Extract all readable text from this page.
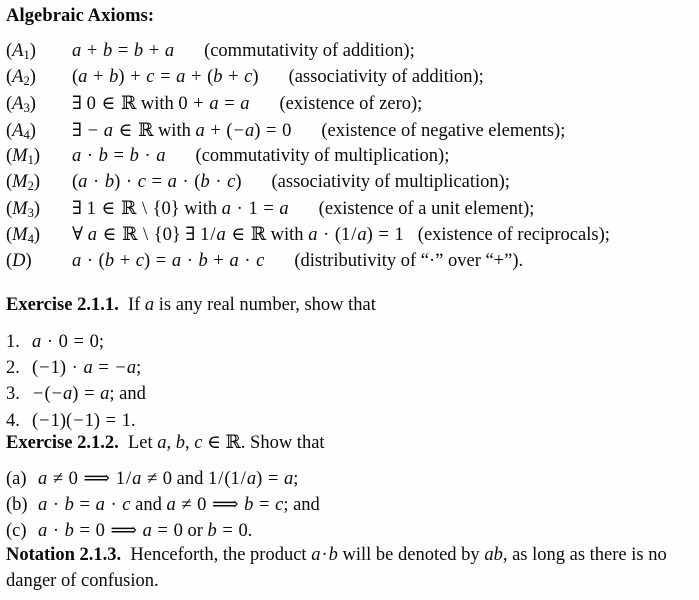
Algebraic Axioms:
$(A_1)$	a + b = b + a	(commutativity of addition);
$(A_2)$	(a + b) + c = a + (b + c)	(associativity of addition);
$(A_3)$	∃ 0 ∈ ℝ with 0 + a = a	(existence of zero);
$(A_4)$	∃ − a ∈ ℝ with a + (−a) = 0	(existence of negative elements);
$(M_1)$	a · b = b · a	(commutativity of multiplication);
$(M_2)$	(a · b) · c = a · (b · c)	(associativity of multiplication);
$(M_3)$	∃ 1 ∈ ℝ \ {0} with a · 1 = a	(existence of a unit element);
$(M_4)$	∀ a ∈ ℝ \ {0} ∃ 1/a ∈ ℝ with a · (1/a) = 1 (existence of reciprocals);
(D)	a · (b + c) = a · b + a · c	(distributivity of “·” over “+”).
Exercise 2.1.1. If a is any real number, show that
1. a · 0 = 0;
2. (−1) · a = −a;
3. −(−a) = a; and
4. (−1)(−1) = 1.
Exercise 2.1.2. Let a, b, c ∈ ℝ. Show that
(a) a ≠ 0 ⟹ 1/a ≠ 0 and 1/(1/a) = a;
(b) a · b = a · c and a ≠ 0 ⟹ b = c; and
(c) a · b = 0 ⟹ a = 0 or b = 0.
Notation 2.1.3. Henceforth, the product a·b will be denoted by ab, as long as there is no danger of confusion.
